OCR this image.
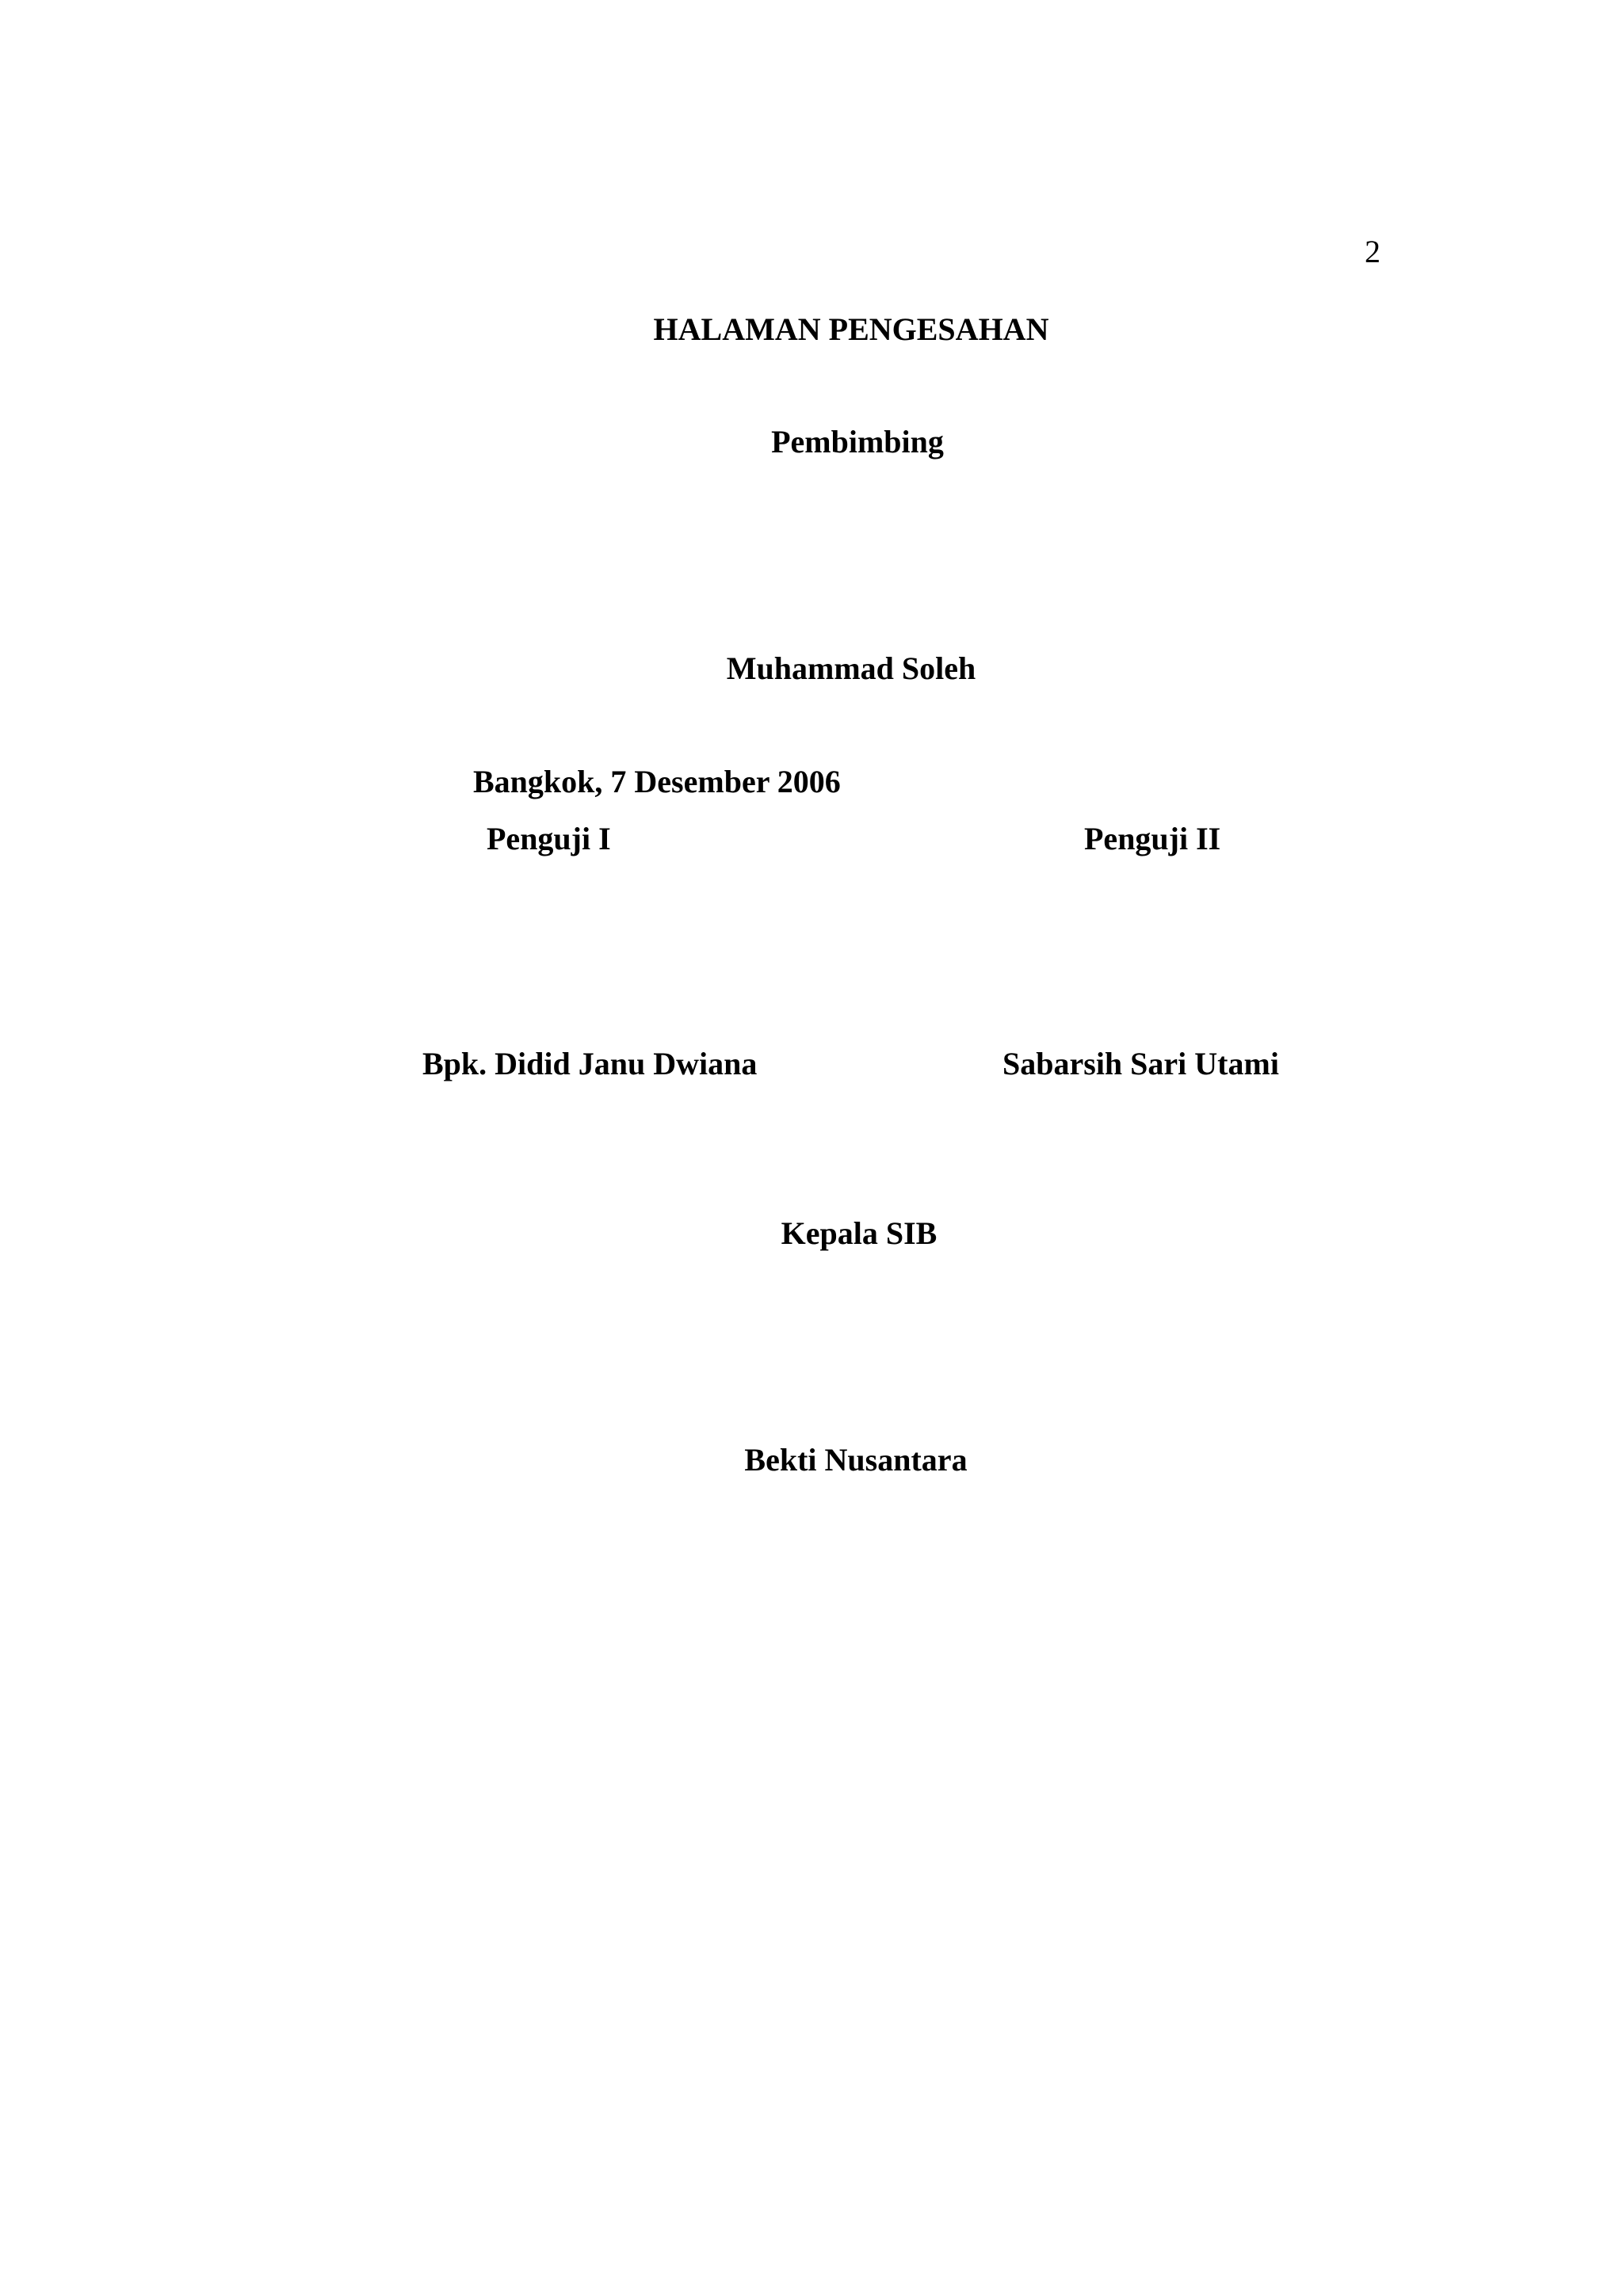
2
HALAMAN PENGESAHAN
Pembimbing
Muhammad Soleh
Bangkok, 7 Desember 2006
Penguji I	Penguji II
Bpk. Didid Janu Dwiana	Sabarsih Sari Utami
Kepala SIB
Bekti Nusantara
